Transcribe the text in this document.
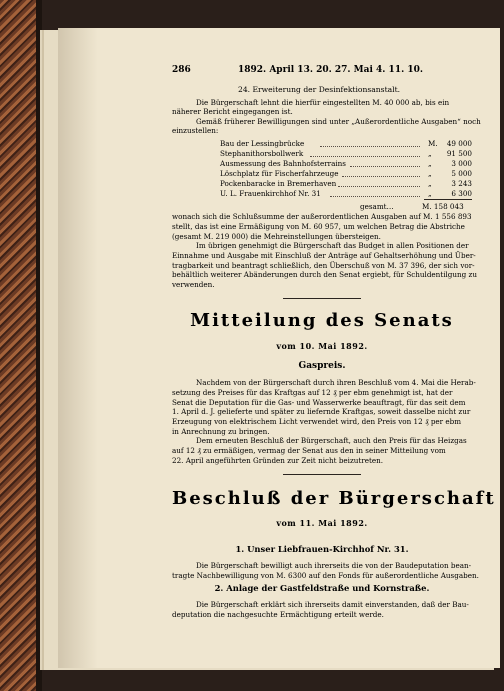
286	1892. April 13. 20. 27. Mai 4. 11. 10.
24. Erweiterung der Desinfektionsanstalt.
Die Bürgerschaft lehnt die hierfür eingestellten M. 40 000 ab, bis ein
näherer Bericht eingegangen ist.
Gemäß früherer Bewilligungen sind unter „Außerordentliche Ausgaben“ noch
einzustellen:
Bau der Lessingbrücke	M.	49 000
Stephanithorsbollwerk	„	91 500
Ausmessung des Bahnhofsterrains	„	3 000
Löschplatz für Fischerfahrzeuge	„	5 000
Pockenbaracke in Bremerhaven	„	3 243
U. L. Frauenkirchhof Nr. 31	„	6 300
gesamt…	M. 158 043
wonach sich die Schlußsumme der außerordentlichen Ausgaben auf M. 1 556 893
stellt, das ist eine Ermäßigung von M. 60 957, um welchen Betrag die Abstriche
(gesamt M. 219 000) die Mehreinstellungen übersteigen.
Im übrigen genehmigt die Bürgerschaft das Budget in allen Positionen der
Einnahme und Ausgabe mit Einschluß der Anträge auf Gehaltserhöhung und Über-
tragbarkeit und beantragt schließlich, den Überschuß von M. 37 396, der sich vor-
behältlich weiterer Abänderungen durch den Senat ergiebt, für Schuldentilgung zu
verwenden.
Mitteilung des Senats
vom 10. Mai 1892.
Gaspreis.
Nachdem von der Bürgerschaft durch ihren Beschluß vom 4. Mai die Herab-
setzung des Preises für das Kraftgas auf 12 ₰ per ebm genehmigt ist, hat der
Senat die Deputation für die Gas- und Wasserwerke beauftragt, für das seit dem
1. April d. J. gelieferte und später zu liefernde Kraftgas, soweit dasselbe nicht zur
Erzeugung von elektrischem Licht verwendet wird, den Preis von 12 ₰ per ebm
in Anrechnung zu bringen.
Dem erneuten Beschluß der Bürgerschaft, auch den Preis für das Heizgas
auf 12 ₰ zu ermäßigen, vermag der Senat aus den in seiner Mitteilung vom
22. April angeführten Gründen zur Zeit nicht beizutreten.
Beschluß der Bürgerschaft
vom 11. Mai 1892.
1. Unser Liebfrauen-Kirchhof Nr. 31.
Die Bürgerschaft bewilligt auch ihrerseits die von der Baudeputation bean-
tragte Nachbewilligung von M. 6300 auf den Fonds für außerordentliche Ausgaben.
2. Anlage der Gastfeldstraße und Kornstraße.
Die Bürgerschaft erklärt sich ihrerseits damit einverstanden, daß der Bau-
deputation die nachgesuchte Ermächtigung erteilt werde.
